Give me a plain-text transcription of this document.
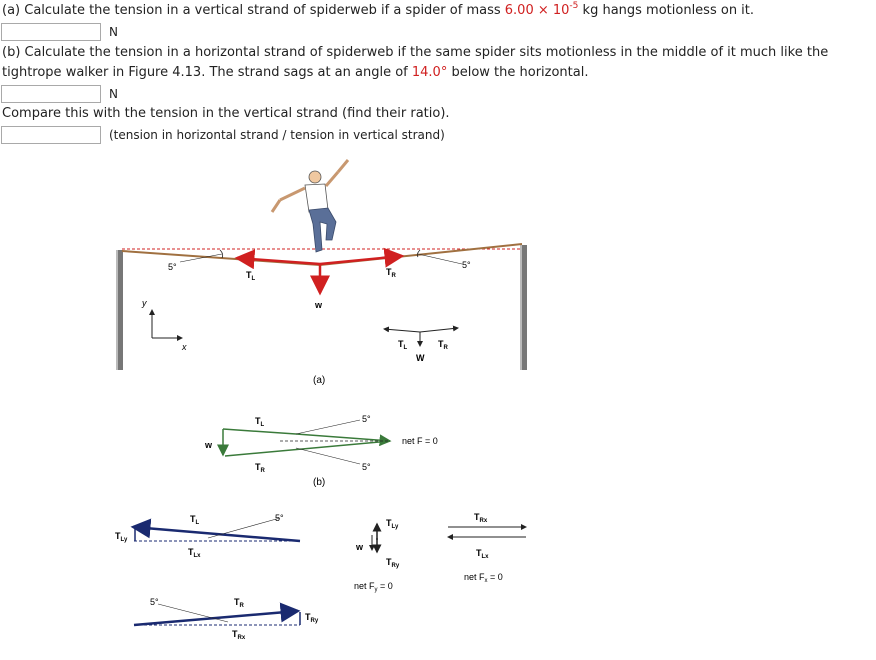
(a) Calculate the tension in a vertical strand of spiderweb if a spider of mass $6.00 \times 10^{-5}$ kg hangs motionless on it.
N
(b) Calculate the tension in a horizontal strand of spiderweb if the same spider sits motionless in the middle of it much like the
tightrope walker in Figure 4.13. The strand sags at an angle of 14.0° below the horizontal.
N
Compare this with the tension in the vertical strand (find their ratio).
(tension in horizontal strand / tension in vertical strand)
5°	5°
$T_L$
$T_R$
w
y
x	$T_L$	$T_R$
W
(a)
$T_L$
$T_R$
w
5°
5°
net F = 0
(b)
$T_L$	5°
$T_{Ly}$
$T_{Lx}$
$T_{Ly}$
w
$T_{Ry}$
net $F_y = 0$
$T_{Rx}$
$T_{Lx}$
net $F_x = 0$
5°	$T_R$
$T_{Ry}$
$T_{Rx}$
